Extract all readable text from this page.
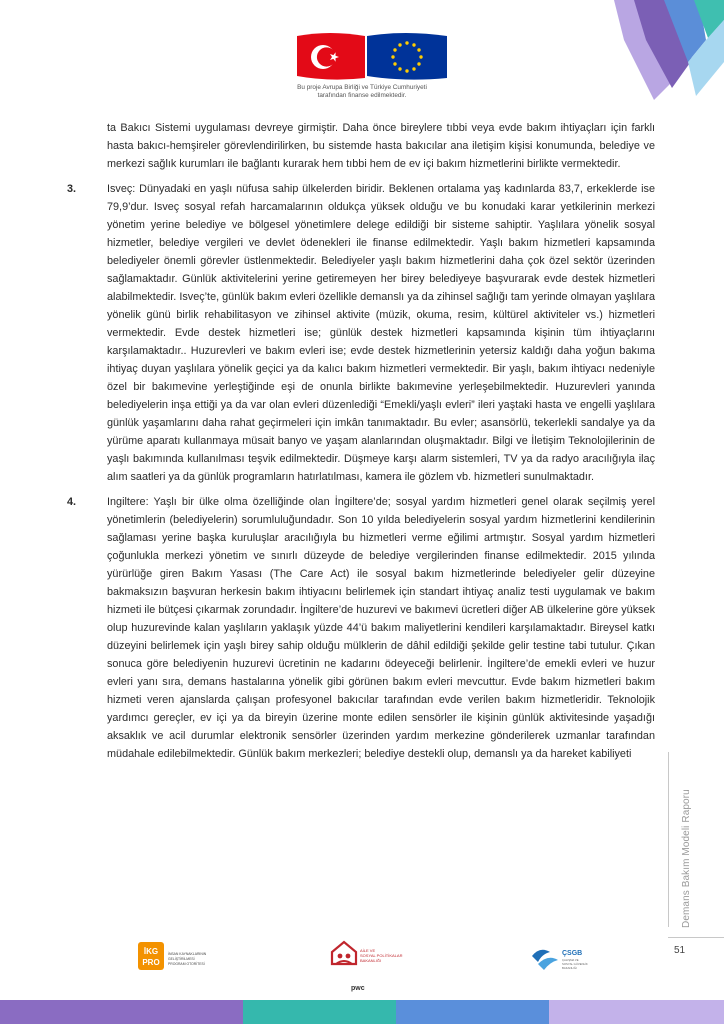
Bu proje Avrupa Birliği ve Türkiye Cumhuriyeti
tarafından finanse edilmektedir.

ta Bakıcı Sistemi uygulaması devreye girmiştir. Daha önce bireylere tıbbi veya evde bakım ihtiyaçları için farklı hasta bakıcı-hemşireler görevlendirilirken, bu sistemde hasta bakıcılar ana iletişim kişisi konumunda, belediye ve merkezi sağlık kurumları ile bağlantı kurarak hem tıbbi hem de ev içi bakım hizmetlerini birlikte vermektedir.

3.	Isveç: Dünyadaki en yaşlı nüfusa sahip ülkelerden biridir. Beklenen ortalama yaş kadınlarda 83,7, erkeklerde ise 79,9’dur. Isveç sosyal refah harcamalarının oldukça yüksek olduğu ve bu konudaki karar yetkilerinin merkezi yönetim yerine belediye ve bölgesel yönetimlere delege edildiği bir sisteme sahiptir. Yaşlılara yönelik sosyal hizmetler, belediye vergileri ve devlet ödenekleri ile finanse edilmektedir. Yaşlı bakım hizmetleri kapsamında belediyeler önemli görevler üstlenmektedir. Belediyeler yaşlı bakım hizmetlerini daha çok özel sektör üzerinden sağlamaktadır. Günlük aktivitelerini yerine getiremeyen her birey belediyeye başvurarak evde destek hizmetleri alabilmektedir. Isveç’te, günlük bakım evleri özellikle demanslı ya da zihinsel sağlığı tam yerinde olmayan yaşlılara yönelik günü birlik rehabilitasyon ve zihinsel aktivite (müzik, okuma, resim, kültürel aktiviteler vs.) hizmetleri vermektedir. Evde destek hizmetleri ise; günlük destek hizmetleri kapsamında kişinin tüm ihtiyaçlarını karşılamaktadır.. Huzurevleri ve bakım evleri ise; evde destek hizmetlerinin yetersiz kaldığı daha yoğun bakıma ihtiyaç duyan yaşlılara yönelik geçici ya da kalıcı bakım hizmetleri vermektedir. Bir yaşlı, bakım ihtiyacı nedeniyle özel bir bakımevine yerleştiğinde eşi de onunla birlikte bakımevine yerleşebilmektedir. Huzurevleri yanında belediyelerin inşa ettiği ya da var olan evleri düzenlediği “Emekli/yaşlı evleri” ileri yaştaki hasta ve engelli yaşlılara günlük yaşamlarını daha rahat geçirmeleri için imkân tanımaktadır. Bu evler; asansörlü, tekerlekli sandalye ya da yürüme aparatı kullanmaya müsait banyo ve yaşam alanlarından oluşmaktadır. Bilgi ve İletişim Teknolojilerinin de yaşlı bakımında kullanılması teşvik edilmektedir. Düşmeye karşı alarm sistemleri, TV ya da radyo aracılığıyla ilaç alım saatleri ya da günlük programların hatırlatılması, kamera ile gözlem vb. hizmetleri sunulmaktadır.

4.	Ingiltere: Yaşlı bir ülke olma özelliğinde olan İngiltere’de; sosyal yardım hizmetleri genel olarak seçilmiş yerel yönetimlerin (belediyelerin) sorumluluğundadır. Son 10 yılda belediyelerin sosyal yardım hizmetlerini kendilerinin sağlaması yerine başka kuruluşlar aracılığıyla bu hizmetleri verme eğilimi artmıştır. Sosyal yardım hizmetleri çoğunlukla merkezi yönetim ve sınırlı düzeyde de belediye vergilerinden finanse edilmektedir. 2015 yılında yürürlüğe giren Bakım Yasası (The Care Act) ile sosyal bakım hizmetlerinde belediyeler gelir düzeyine bakmaksızın başvuran herkesin bakım ihtiyacını belirlemek için standart ihtiyaç analiz testi uygulamak ve bakım hizmeti ile bütçesi çıkarmak zorundadır. İngiltere’de huzurevi ve bakımevi ücretleri diğer AB ülkelerine göre yüksek olup huzurevinde kalan yaşlıların yaklaşık yüzde 44’ü bakım maliyetlerini kendileri karşılamaktadır. Bireysel katkı düzeyini belirlemek için yaşlı birey sahip olduğu mülklerin de dâhil edildiği şekilde gelir testine tabi tutulur. Çıkan sonuca göre belediyenin huzurevi ücretinin ne kadarını ödeyeceği belirlenir. İngiltere’de emekli evleri ve huzur evleri yanı sıra, demans hastalarına yönelik gibi görünen bakım evleri mevcuttur. Evde bakım hizmetleri bakım hizmeti veren ajanslarda çalışan profesyonel bakıcılar tarafından evde verilen bakım hizmetleridir. Teknolojik yardımcı gereçler, ev içi ya da bireyin üzerine monte edilen sensörler ile kişinin günlük aktivitesinde yaşadığı aksaklık ve acil durumlar elektronik sensörler üzerinden yardım merkezine gönderilerek uzmanlar tarafından müdahale edilebilmektedir. Günlük bakım merkezleri; belediye destekli olup, demanslı ya da hareket kabiliyeti

Demans Bakım Modeli Raporu
51
İKG
PRO
İNSAN KAYNAKLARININ
GELİŞTİRİLMESİ
PROGRAM OTORİTESİ
AİLE VE
SOSYAL POLİTİKALAR
BAKANLIĞI
pwc
ÇSGB
ÇALIŞMA VE
SOSYAL GÜVENLİK
BAKANLIĞI
